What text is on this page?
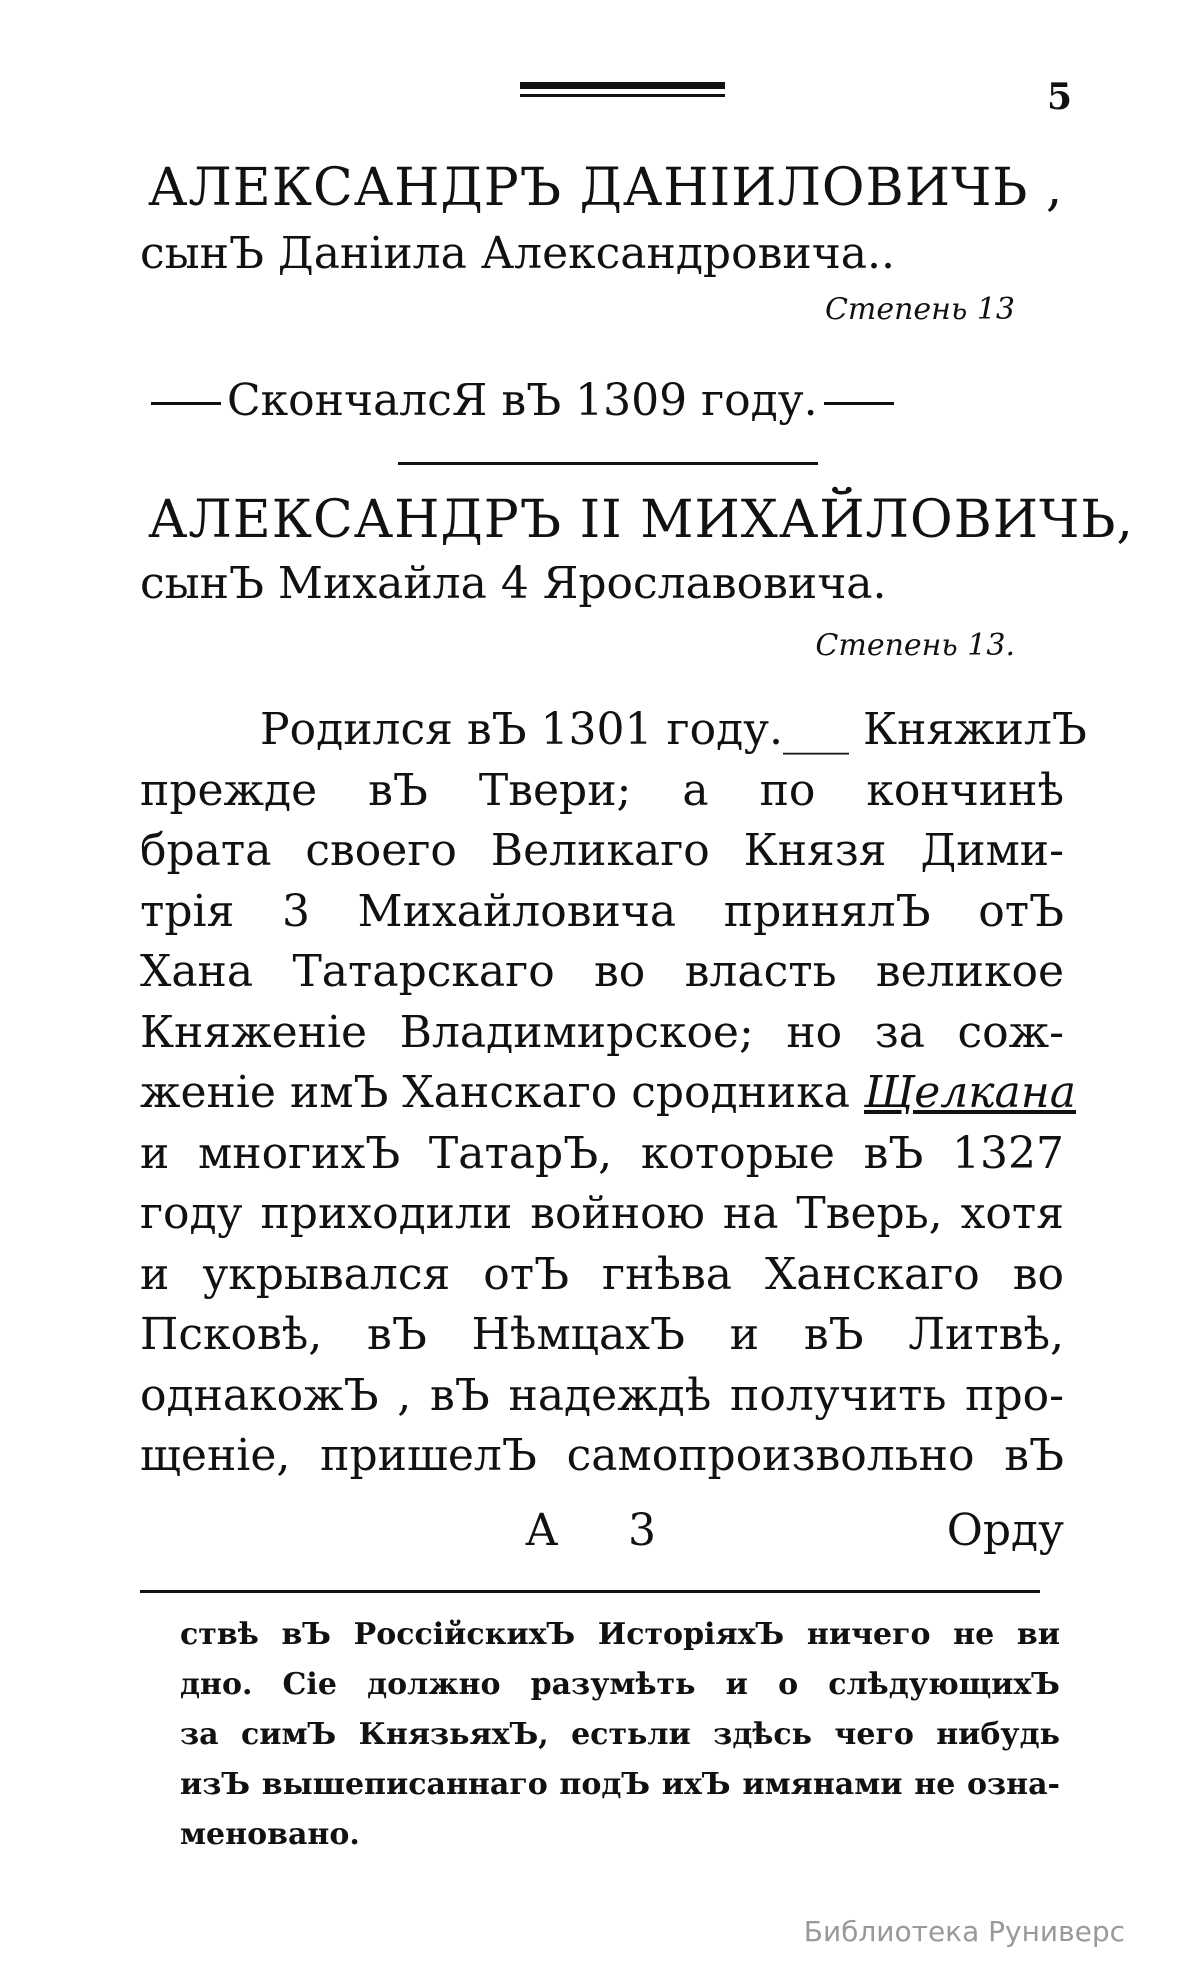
5
АЛЕКСАНДРЪ ДАНІИЛОВИЧЬ ,
сынЪ Даніила Александровича..
Степень 13
СкончалсЯ вЪ 1309 году.
АЛЕКСАНДРЪ II МИХАЙЛОВИЧЬ,
сынЪ Михайла 4 Ярославовича.
Степень 13.
Родился вЪ 1301 году.___ КняжилЪ
прежде вЪ Твери; а по кончинѣ
брата своего Великаго Князя Дими-
трія 3 Михайловича принялЪ отЪ
Хана Татарскаго во власть великое
Княженіе Владимирское; но за сож-
женіе имЪ Ханскаго сродника Щелкана
и многихЪ ТатарЪ, которые вЪ 1327
году приходили войною на Тверь, хотя
и укрывался отЪ гнѣва Ханскаго во
Псковѣ, вЪ НѣмцахЪ и вЪ Литвѣ,
однакожЪ , вЪ надеждѣ получить про-
щеніе, пришелЪ самопроизвольно вЪ
А 3	Орду
ствѣ вЪ РоссійскихЪ ИсторіяхЪ ничего не ви
дно. Сіе должно разумѣть и о слѣдующихЪ
за симЪ КнязьяхЪ, естьли здѣсь чего нибудь
изЪ вышеписаннаго подЪ ихЪ имянами не озна-
меновано.
Библиотека Руниверс
